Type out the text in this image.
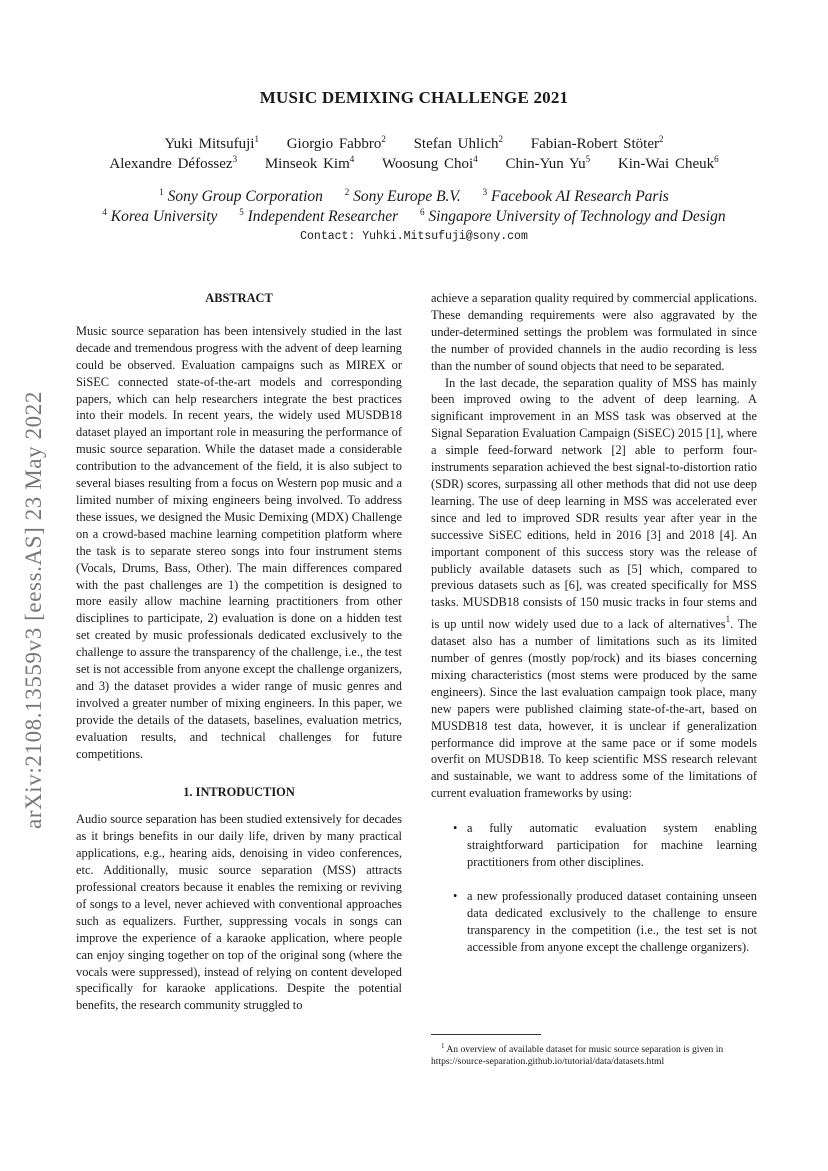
arXiv:2108.13559v3 [eess.AS] 23 May 2022
MUSIC DEMIXING CHALLENGE 2021
Yuki Mitsufuji$^1$ Giorgio Fabbro$^2$ Stefan Uhlich$^2$ Fabian-Robert Stöter$^2$
Alexandre Défossez$^3$ Minseok Kim$^4$ Woosung Choi$^4$ Chin-Yun Yu$^5$ Kin-Wai Cheuk$^6$
$^1$ Sony Group Corporation $^2$ Sony Europe B.V. $^3$ Facebook AI Research Paris
$^4$ Korea University $^5$ Independent Researcher $^6$ Singapore University of Technology and Design
Contact: Yuhki.Mitsufuji@sony.com

ABSTRACT

Music source separation has been intensively studied in the last decade and tremendous progress with the advent of deep learning could be observed. Evaluation campaigns such as MIREX or SiSEC connected state-of-the-art models and corresponding papers, which can help researchers integrate the best practices into their models. In recent years, the widely used MUSDB18 dataset played an important role in measuring the performance of music source separation. While the dataset made a considerable contribution to the advancement of the field, it is also subject to several biases resulting from a focus on Western pop music and a limited number of mixing engineers being involved. To address these issues, we designed the Music Demixing (MDX) Challenge on a crowd-based machine learning competition platform where the task is to separate stereo songs into four instrument stems (Vocals, Drums, Bass, Other). The main differences compared with the past challenges are 1) the competition is designed to more easily allow machine learning practitioners from other disciplines to participate, 2) evaluation is done on a hidden test set created by music professionals dedicated exclusively to the challenge to assure the transparency of the challenge, i.e., the test set is not accessible from anyone except the challenge organizers, and 3) the dataset provides a wider range of music genres and involved a greater number of mixing engineers. In this paper, we provide the details of the datasets, baselines, evaluation metrics, evaluation results, and technical challenges for future competitions.

1. INTRODUCTION

Audio source separation has been studied extensively for decades as it brings benefits in our daily life, driven by many practical applications, e.g., hearing aids, denoising in video conferences, etc. Additionally, music source separation (MSS) attracts professional creators because it enables the remixing or reviving of songs to a level, never achieved with conventional approaches such as equalizers. Further, suppressing vocals in songs can improve the experience of a karaoke application, where people can enjoy singing together on top of the original song (where the vocals were suppressed), instead of relying on content developed specifically for karaoke applications. Despite the potential benefits, the research community struggled to

achieve a separation quality required by commercial applications. These demanding requirements were also aggravated by the under-determined settings the problem was formulated in since the number of provided channels in the audio recording is less than the number of sound objects that need to be separated.

In the last decade, the separation quality of MSS has mainly been improved owing to the advent of deep learning. A significant improvement in an MSS task was observed at the Signal Separation Evaluation Campaign (SiSEC) 2015 [1], where a simple feed-forward network [2] able to perform four-instruments separation achieved the best signal-to-distortion ratio (SDR) scores, surpassing all other methods that did not use deep learning. The use of deep learning in MSS was accelerated ever since and led to improved SDR results year after year in the successive SiSEC editions, held in 2016 [3] and 2018 [4]. An important component of this success story was the release of publicly available datasets such as [5] which, compared to previous datasets such as [6], was created specifically for MSS tasks. MUSDB18 consists of 150 music tracks in four stems and is up until now widely used due to a lack of alternatives$^1$. The dataset also has a number of limitations such as its limited number of genres (mostly pop/rock) and its biases concerning mixing characteristics (most stems were produced by the same engineers). Since the last evaluation campaign took place, many new papers were published claiming state-of-the-art, based on MUSDB18 test data, however, it is unclear if generalization performance did improve at the same pace or if some models overfit on MUSDB18. To keep scientific MSS research relevant and sustainable, we want to address some of the limitations of current evaluation frameworks by using:

• a fully automatic evaluation system enabling straightforward participation for machine learning practitioners from other disciplines.
• a new professionally produced dataset containing unseen data dedicated exclusively to the challenge to ensure transparency in the competition (i.e., the test set is not accessible from anyone except the challenge organizers).
$^1$ An overview of available dataset for music source separation is given in https://source-separation.github.io/tutorial/data/datasets.html
